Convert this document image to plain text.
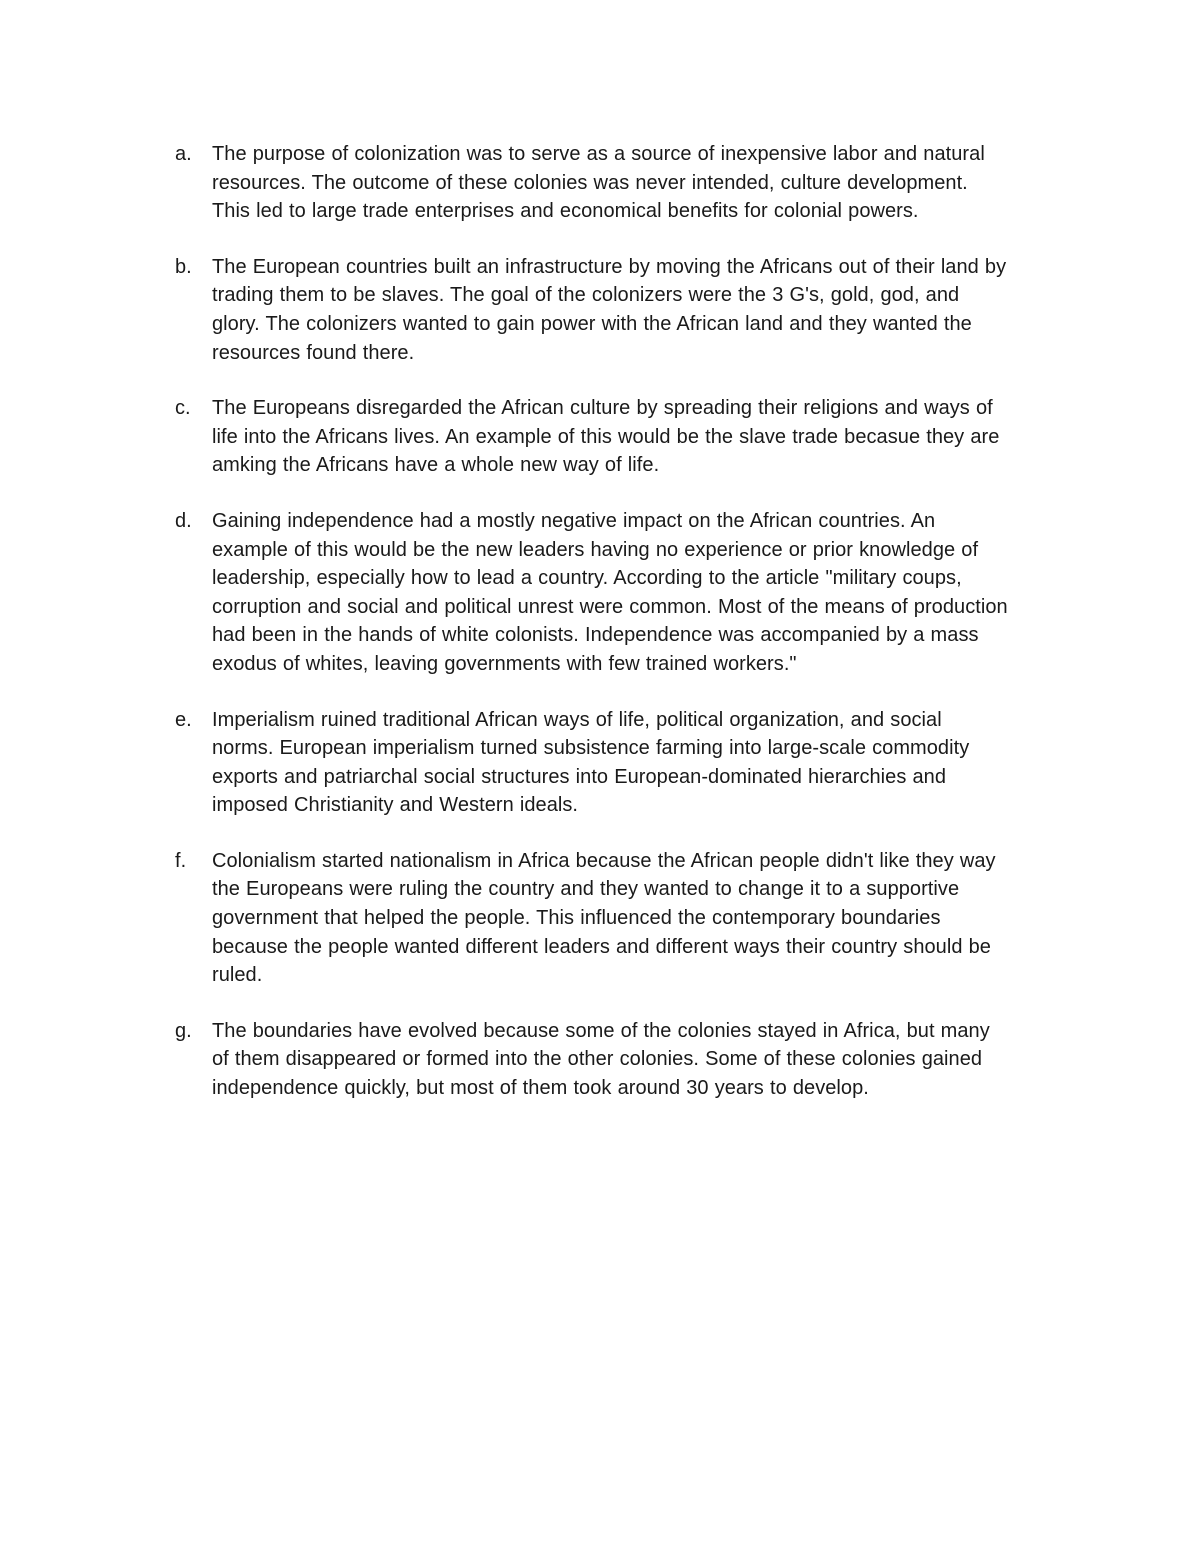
a.	The purpose of colonization was to serve as a source of inexpensive labor and natural
resources. The outcome of these colonies was never intended, culture development.
This led to large trade enterprises and economical benefits for colonial powers.
b.	The European countries built an infrastructure by moving the Africans out of their land by
trading them to be slaves. The goal of the colonizers were the 3 G's, gold, god, and
glory. The colonizers wanted to gain power with the African land and they wanted the
resources found there.
c.	The Europeans disregarded the African culture by spreading their religions and ways of
life into the Africans lives. An example of this would be the slave trade becasue they are
amking the Africans have a whole new way of life.
d.	Gaining independence had a mostly negative impact on the African countries. An
example of this would be the new leaders having no experience or prior knowledge of
leadership, especially how to lead a country. According to the article "military coups,
corruption and social and political unrest were common. Most of the means of production
had been in the hands of white colonists. Independence was accompanied by a mass
exodus of whites, leaving governments with few trained workers."
e.	Imperialism ruined traditional African ways of life, political organization, and social
norms. European imperialism turned subsistence farming into large-scale commodity
exports and patriarchal social structures into European-dominated hierarchies and
imposed Christianity and Western ideals.
f.	Colonialism started nationalism in Africa because the African people didn't like they way
the Europeans were ruling the country and they wanted to change it to a supportive
government that helped the people. This influenced the contemporary boundaries
because the people wanted different leaders and different ways their country should be
ruled.
g.	The boundaries have evolved because some of the colonies stayed in Africa, but many
of them disappeared or formed into the other colonies. Some of these colonies gained
independence quickly, but most of them took around 30 years to develop.
